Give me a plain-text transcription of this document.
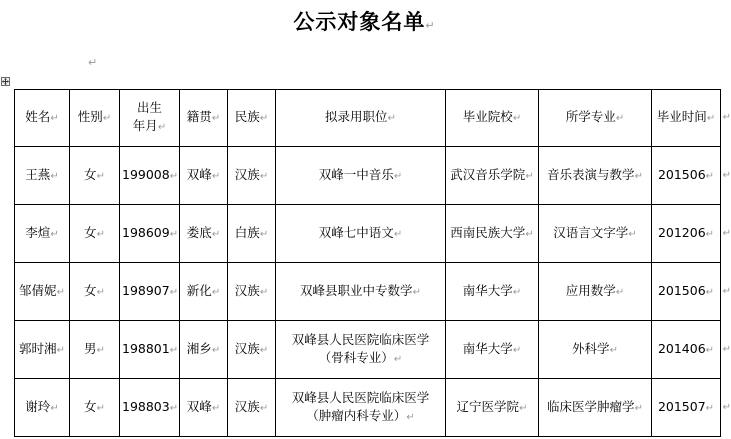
公示对象名单↵
↵
姓名 ↵	性别 ↵	出生
年月 ↵	籍贯 ↵	民族 ↵	拟录用职位 ↵	毕业院校 ↵	所学专业 ↵	毕业时间 ↵ ↵

王燕 ↵	女 ↵	199008 ↵	双峰 ↵	汉族 ↵	双峰一中音乐 ↵	武汉音乐学院 ↵	音乐表演与教学 ↵	201506 ↵ ↵

李煊 ↵	女 ↵	198609 ↵	娄底 ↵	白族 ↵	双峰七中语文 ↵	西南民族大学 ↵	汉语言文字学 ↵	201206 ↵ ↵

邹倩妮 ↵	女 ↵	198907 ↵	新化 ↵	汉族 ↵	双峰县职业中专数学 ↵	南华大学 ↵	应用数学 ↵	201506 ↵ ↵

郭时湘 ↵	男 ↵	198801 ↵	湘乡 ↵	汉族 ↵	双峰县人民医院临床医学
（骨科专业） ↵	南华大学 ↵	外科学 ↵	201406 ↵ ↵

谢玲 ↵	女 ↵	198803 ↵	双峰 ↵	汉族 ↵	双峰县人民医院临床医学
（肿瘤内科专业） ↵	辽宁医学院 ↵	临床医学肿瘤学 ↵	201507 ↵ ↵
